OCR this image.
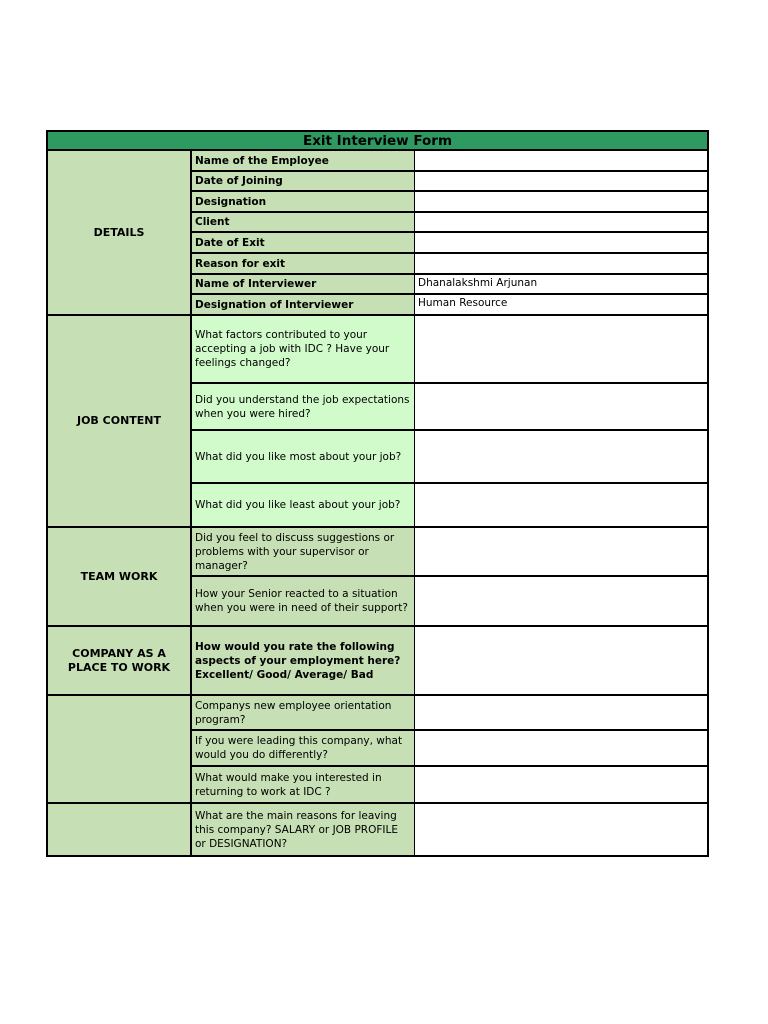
Exit Interview Form
DETAILS
JOB CONTENT
TEAM WORK
COMPANY AS A PLACE TO WORK
Name of the Employee
Date of Joining
Designation
Client
Date of Exit
Reason for exit
Name of Interviewer	Dhanalakshmi Arjunan
Designation of Interviewer	Human Resource
What factors contributed to your accepting a job with IDC ? Have your feelings changed?
Did you understand the job expectations when you were hired?
What did you like most about your job?
What did you like least about your job?
Did you feel to discuss suggestions or problems with your supervisor or manager?
How your Senior reacted to a situation when you were in need of their support?
How would you rate the following aspects of your employment here? Excellent/ Good/ Average/ Bad
Companys new employee orientation program?
If you were leading this company, what would you do differently?
What would make you interested in returning to work at IDC ?
What are the main reasons for leaving this company? SALARY or JOB PROFILE or DESIGNATION?
